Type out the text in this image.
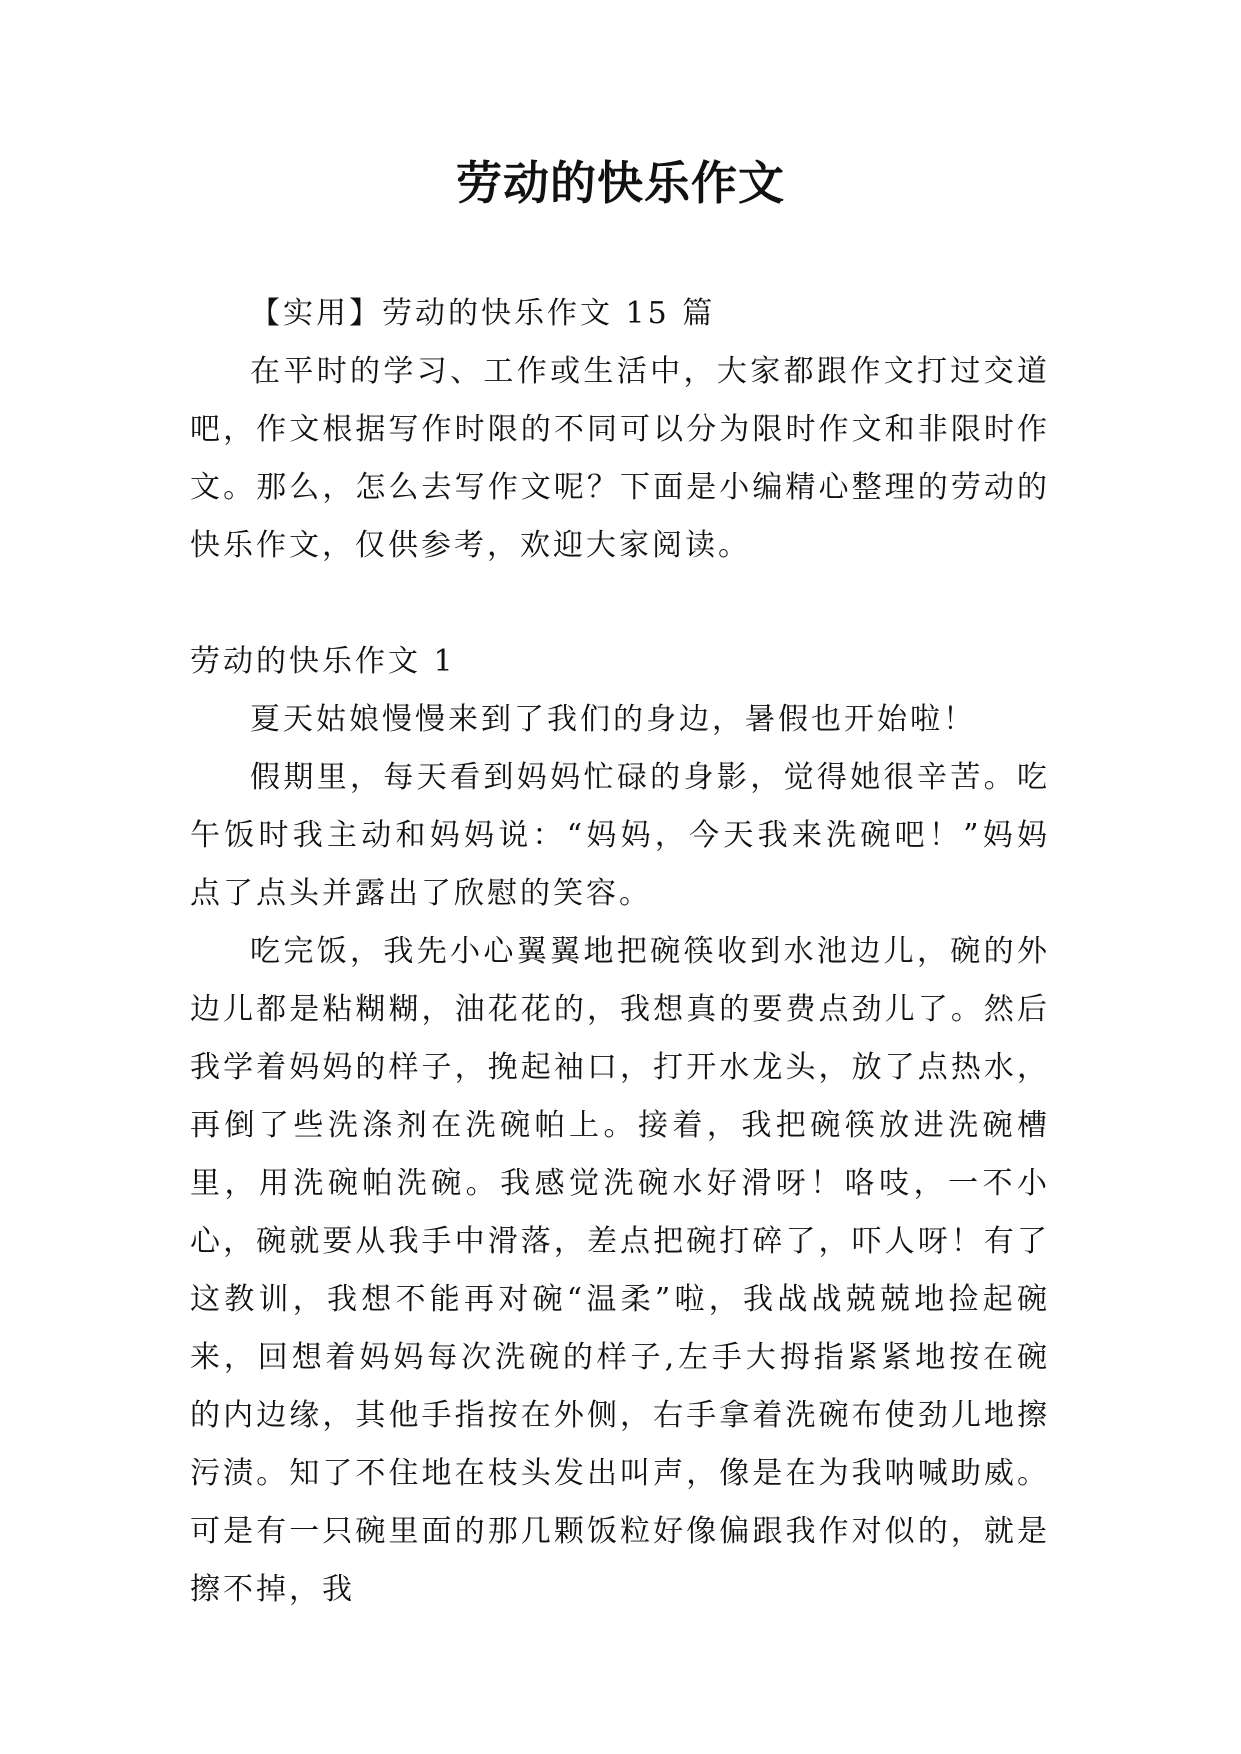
劳动的快乐作文

【实用】劳动的快乐作文 15 篇

在平时的学习、工作或生活中，大家都跟作文打过交道吧，作文根据写作时限的不同可以分为限时作文和非限时作文。那么，怎么去写作文呢？下面是小编精心整理的劳动的快乐作文，仅供参考，欢迎大家阅读。

劳动的快乐作文 1

夏天姑娘慢慢来到了我们的身边，暑假也开始啦！

假期里，每天看到妈妈忙碌的身影，觉得她很辛苦。吃午饭时我主动和妈妈说：“妈妈，今天我来洗碗吧！”妈妈点了点头并露出了欣慰的笑容。

吃完饭，我先小心翼翼地把碗筷收到水池边儿，碗的外边儿都是粘糊糊，油花花的，我想真的要费点劲儿了。然后我学着妈妈的样子，挽起袖口，打开水龙头，放了点热水，再倒了些洗涤剂在洗碗帕上。接着，我把碗筷放进洗碗槽里，用洗碗帕洗碗。我感觉洗碗水好滑呀！咯吱，一不小心，碗就要从我手中滑落，差点把碗打碎了，吓人呀！有了这教训，我想不能再对碗“温柔”啦，我战战兢兢地捡起碗来，回想着妈妈每次洗碗的样子,左手大拇指紧紧地按在碗的内边缘，其他手指按在外侧，右手拿着洗碗布使劲儿地擦污渍。知了不住地在枝头发出叫声，像是在为我呐喊助威。可是有一只碗里面的那几颗饭粒好像偏跟我作对似的，就是擦不掉，我
